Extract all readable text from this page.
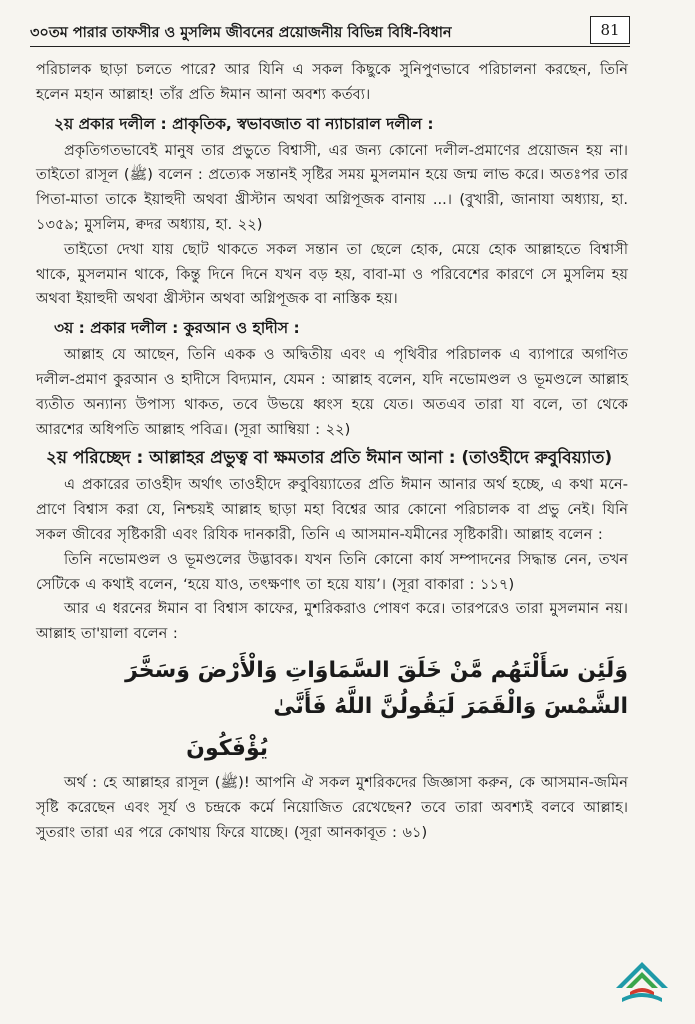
৩০তম পারার তাফসীর ও মুসলিম জীবনের প্রয়োজনীয় বিভিন্ন বিধি-বিধান	81

পরিচালক ছাড়া চলতে পারে? আর যিনি এ সকল কিছুকে সুনিপুণভাবে পরিচালনা করছেন, তিনি হলেন মহান আল্লাহ! তাঁর প্রতি ঈমান আনা অবশ্য কর্তব্য।

২য় প্রকার দলীল : প্রাকৃতিক, স্বভাবজাত বা ন্যাচারাল দলীল :

প্রকৃতিগতভাবেই মানুষ তার প্রভুতে বিশ্বাসী, এর জন্য কোনো দলীল-প্রমাণের প্রয়োজন হয় না। তাইতো রাসূল (ﷺ) বলেন : প্রত্যেক সন্তানই সৃষ্টির সময় মুসলমান হয়ে জন্ম লাভ করে। অতঃপর তার পিতা-মাতা তাকে ইয়াহুদী অথবা খ্রীস্টান অথবা অগ্নিপূজক বানায় ...। (বুখারী, জানাযা অধ্যায়, হা. ১৩৫৯; মুসলিম, ক্বদর অধ্যায়, হা. ২২)

তাইতো দেখা যায় ছোট থাকতে সকল সন্তান তা ছেলে হোক, মেয়ে হোক আল্লাহতে বিশ্বাসী থাকে, মুসলমান থাকে, কিন্তু দিনে দিনে যখন বড় হয়, বাবা-মা ও পরিবেশের কারণে সে মুসলিম হয় অথবা ইয়াহুদী অথবা খ্রীস্টান অথবা অগ্নিপূজক বা নাস্তিক হয়।

৩য় : প্রকার দলীল : কুরআন ও হাদীস :

আল্লাহ যে আছেন, তিনি একক ও অদ্বিতীয় এবং এ পৃথিবীর পরিচালক এ ব্যাপারে অগণিত দলীল-প্রমাণ কুরআন ও হাদীসে বিদ্যমান, যেমন : আল্লাহ বলেন, যদি নভোমণ্ডল ও ভূমণ্ডলে আল্লাহ ব্যতীত অন্যান্য উপাস্য থাকত, তবে উভয়ে ধ্বংস হয়ে যেত। অতএব তারা যা বলে, তা থেকে আরশের অধিপতি আল্লাহ পবিত্র। (সূরা আম্বিয়া : ২২)

২য় পরিচ্ছেদ : আল্লাহর প্রভুত্ব বা ক্ষমতার প্রতি ঈমান আনা : (তাওহীদে রুবুবিয়্যাত)

এ প্রকারের তাওহীদ অর্থাৎ তাওহীদে রুবুবিয়্যাতের প্রতি ঈমান আনার অর্থ হচ্ছে, এ কথা মনে-প্রাণে বিশ্বাস করা যে, নিশ্চয়ই আল্লাহ ছাড়া মহা বিশ্বের আর কোনো পরিচালক বা প্রভু নেই। যিনি সকল জীবের সৃষ্টিকারী এবং রিযিক দানকারী, তিনি এ আসমান-যমীনের সৃষ্টিকারী। আল্লাহ বলেন :

তিনি নভোমণ্ডল ও ভূমণ্ডলের উদ্ভাবক। যখন তিনি কোনো কার্য সম্পাদনের সিদ্ধান্ত নেন, তখন সেটিকে এ কথাই বলেন, ‘হয়ে যাও, তৎক্ষণাৎ তা হয়ে যায়’। (সূরা বাকারা : ১১৭)

আর এ ধরনের ঈমান বা বিশ্বাস কাফের, মুশরিকরাও পোষণ করে। তারপরেও তারা মুসলমান নয়। আল্লাহ তা'য়ালা বলেন :

وَلَئِن سَأَلْتَهُم مَّنْ خَلَقَ السَّمَاوَاتِ وَالْأَرْضَ وَسَخَّرَ الشَّمْسَ وَالْقَمَرَ لَيَقُولُنَّ اللَّهُ فَأَنَّىٰ
يُؤْفَكُونَ

অর্থ : হে আল্লাহর রাসূল (ﷺ)! আপনি ঐ সকল মুশরিকদের জিজ্ঞাসা করুন, কে আসমান-জমিন সৃষ্টি করেছেন এবং সূর্য ও চন্দ্রকে কর্মে নিয়োজিত রেখেছেন? তবে তারা অবশ্যই বলবে আল্লাহ। সুতরাং তারা এর পরে কোথায় ফিরে যাচ্ছে। (সূরা আনকাবূত : ৬১)
